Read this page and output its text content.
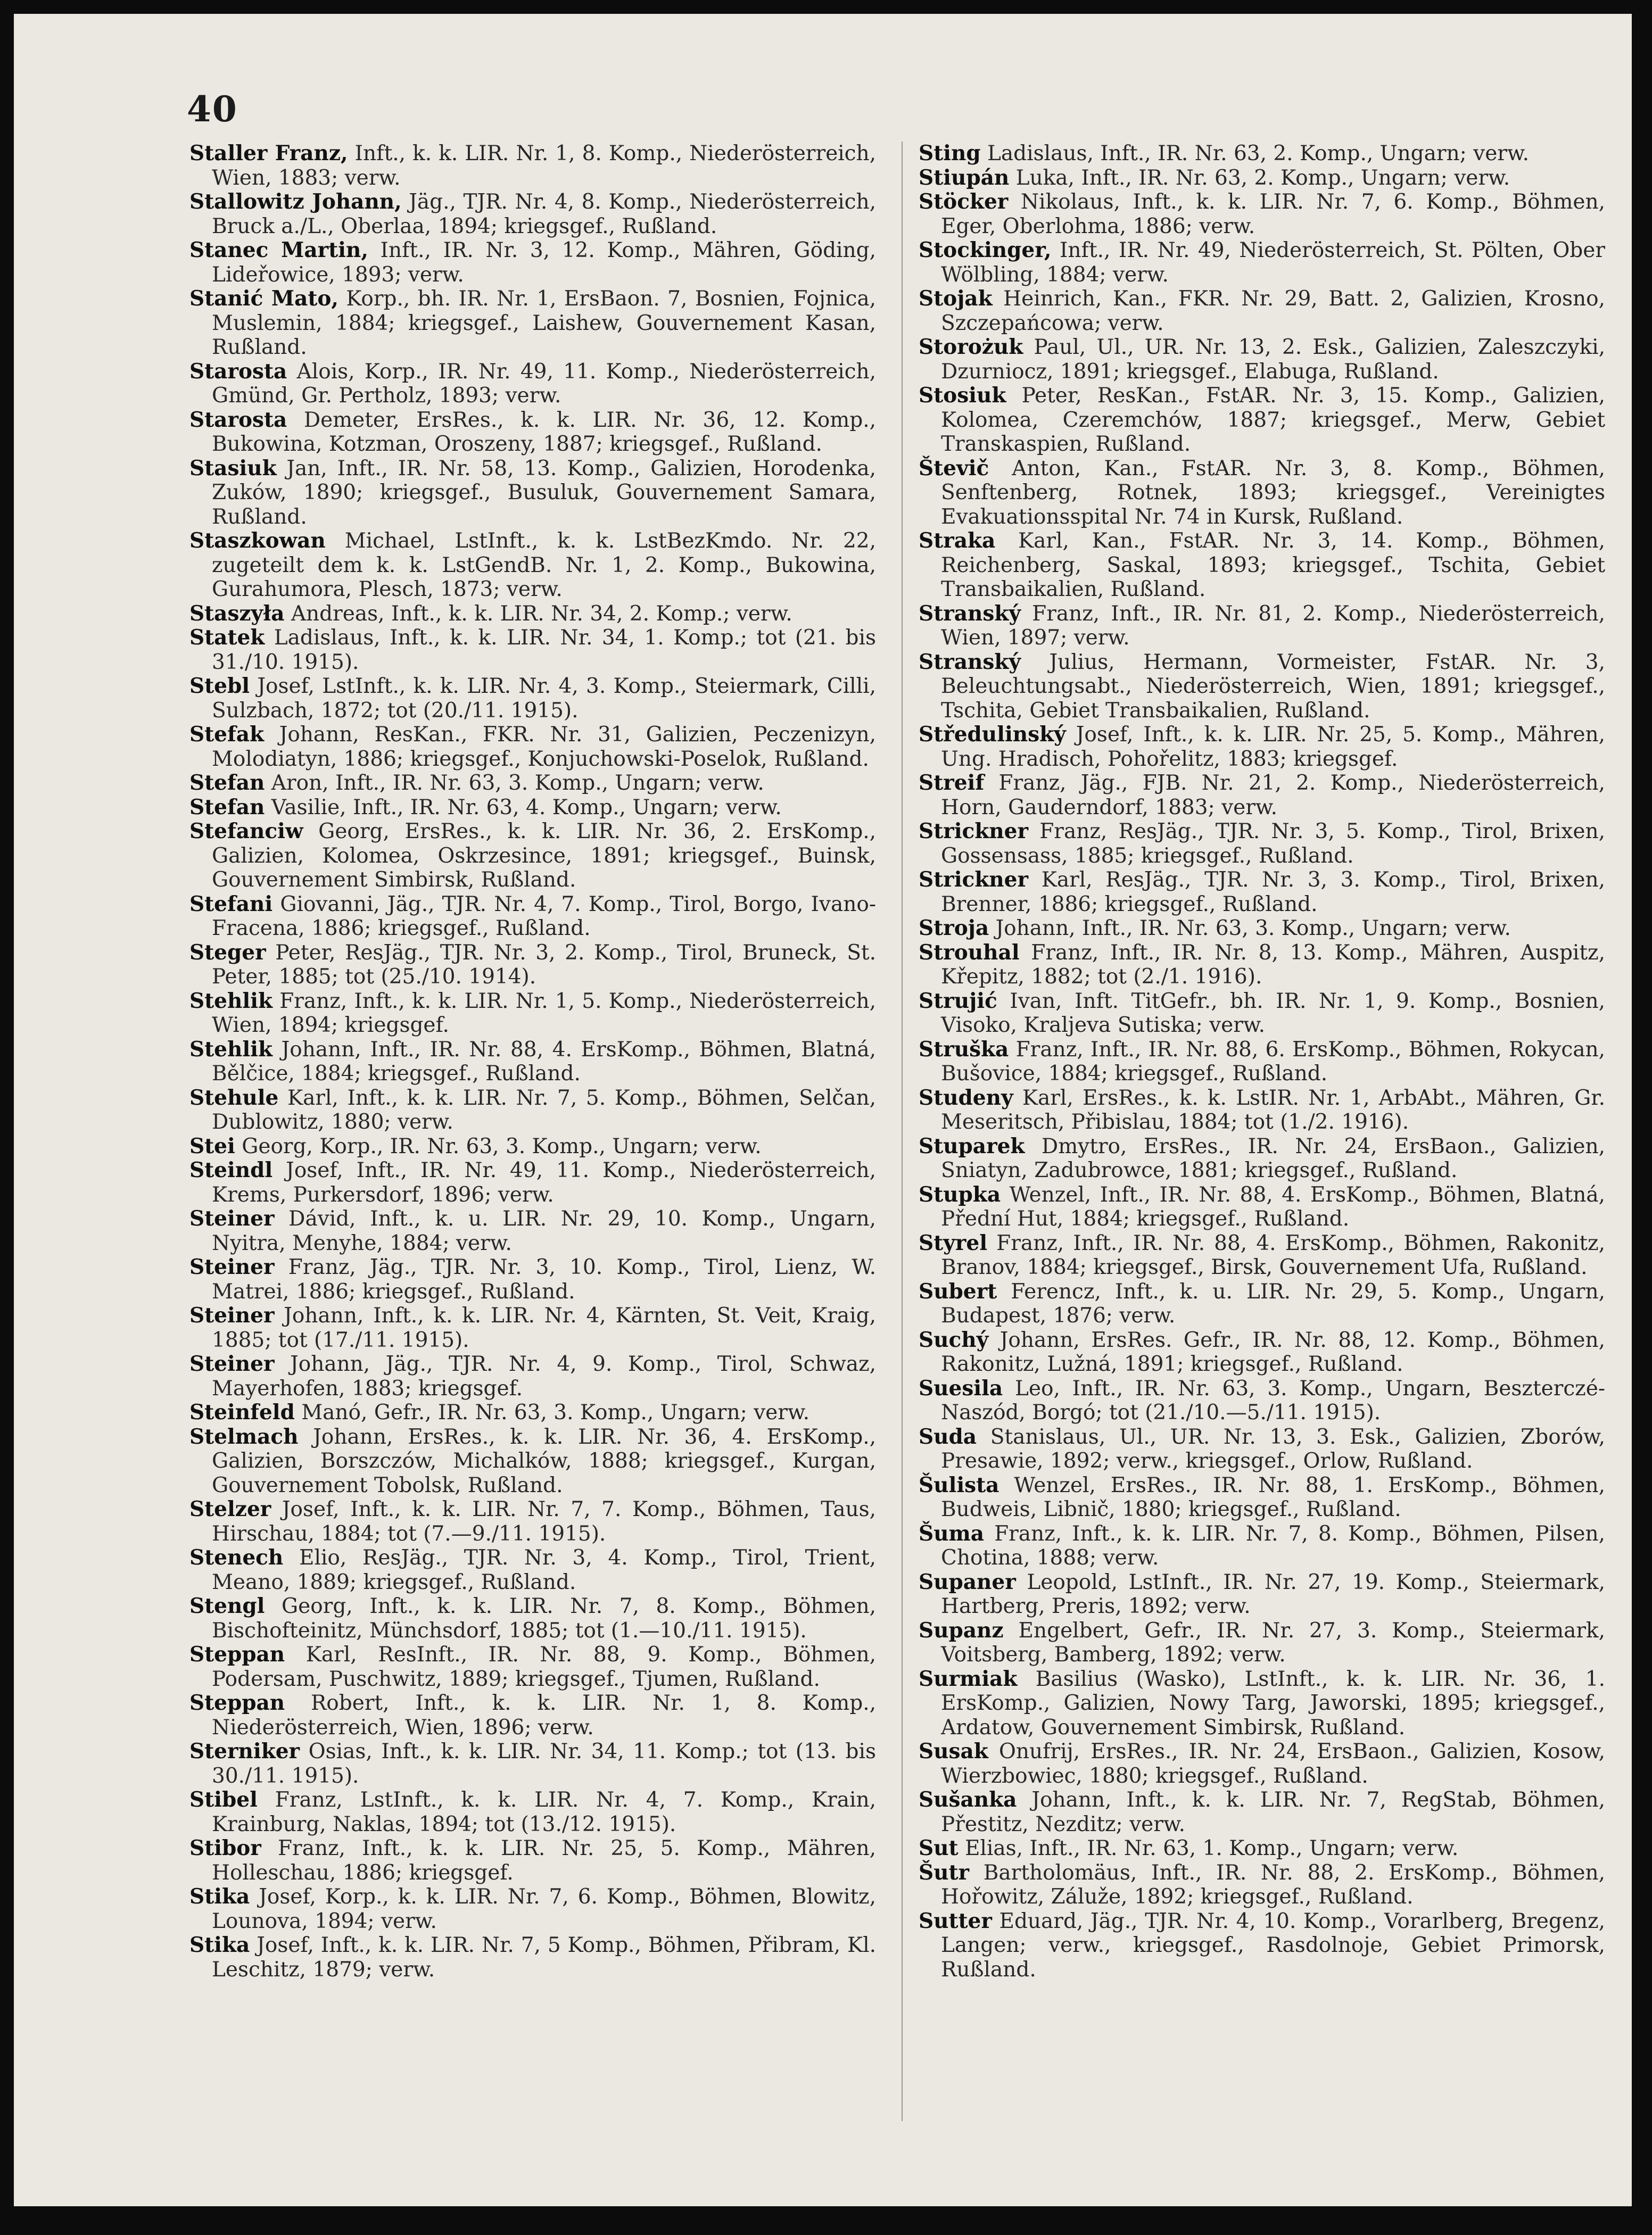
40

Staller Franz, Inft., k. k. LIR. Nr. 1, 8. Komp., Niederösterreich, Wien, 1883; verw.

Stallowitz Johann, Jäg., TJR. Nr. 4, 8. Komp., Niederösterreich, Bruck a./L., Oberlaa, 1894; kriegsgef., Rußland.

Stanec Martin, Inft., IR. Nr. 3, 12. Komp., Mähren, Göding, Lideřowice, 1893; verw.

Stanić Mato, Korp., bh. IR. Nr. 1, ErsBaon. 7, Bosnien, Fojnica, Muslemin, 1884; kriegsgef., Laishew, Gouvernement Kasan, Rußland.

Starosta Alois, Korp., IR. Nr. 49, 11. Komp., Niederösterreich, Gmünd, Gr. Pertholz, 1893; verw.

Starosta Demeter, ErsRes., k. k. LIR. Nr. 36, 12. Komp., Bukowina, Kotzman, Oroszeny, 1887; kriegsgef., Rußland.

Stasiuk Jan, Inft., IR. Nr. 58, 13. Komp., Galizien, Horodenka, Zuków, 1890; kriegsgef., Busuluk, Gouvernement Samara, Rußland.

Staszkowan Michael, LstInft., k. k. LstBezKmdo. Nr. 22, zugeteilt dem k. k. LstGendB. Nr. 1, 2. Komp., Bukowina, Gurahumora, Plesch, 1873; verw.

Staszyła Andreas, Inft., k. k. LIR. Nr. 34, 2. Komp.; verw.

Statek Ladislaus, Inft., k. k. LIR. Nr. 34, 1. Komp.; tot (21. bis 31./10. 1915).

Stebl Josef, LstInft., k. k. LIR. Nr. 4, 3. Komp., Steiermark, Cilli, Sulzbach, 1872; tot (20./11. 1915).

Stefak Johann, ResKan., FKR. Nr. 31, Galizien, Peczenizyn, Molodiatyn, 1886; kriegsgef., Konjuchowski-Poselok, Rußland.

Stefan Aron, Inft., IR. Nr. 63, 3. Komp., Ungarn; verw.

Stefan Vasilie, Inft., IR. Nr. 63, 4. Komp., Ungarn; verw.

Stefanciw Georg, ErsRes., k. k. LIR. Nr. 36, 2. ErsKomp., Galizien, Kolomea, Oskrzesince, 1891; kriegsgef., Buinsk, Gouvernement Simbirsk, Rußland.

Stefani Giovanni, Jäg., TJR. Nr. 4, 7. Komp., Tirol, Borgo, Ivano-Fracena, 1886; kriegsgef., Rußland.

Steger Peter, ResJäg., TJR. Nr. 3, 2. Komp., Tirol, Bruneck, St. Peter, 1885; tot (25./10. 1914).

Stehlik Franz, Inft., k. k. LIR. Nr. 1, 5. Komp., Niederösterreich, Wien, 1894; kriegsgef.

Stehlik Johann, Inft., IR. Nr. 88, 4. ErsKomp., Böhmen, Blatná, Bělčice, 1884; kriegsgef., Rußland.

Stehule Karl, Inft., k. k. LIR. Nr. 7, 5. Komp., Böhmen, Selčan, Dublowitz, 1880; verw.

Stei Georg, Korp., IR. Nr. 63, 3. Komp., Ungarn; verw.

Steindl Josef, Inft., IR. Nr. 49, 11. Komp., Niederösterreich, Krems, Purkersdorf, 1896; verw.

Steiner Dávid, Inft., k. u. LIR. Nr. 29, 10. Komp., Ungarn, Nyitra, Menyhe, 1884; verw.

Steiner Franz, Jäg., TJR. Nr. 3, 10. Komp., Tirol, Lienz, W. Matrei, 1886; kriegsgef., Rußland.

Steiner Johann, Inft., k. k. LIR. Nr. 4, Kärnten, St. Veit, Kraig, 1885; tot (17./11. 1915).

Steiner Johann, Jäg., TJR. Nr. 4, 9. Komp., Tirol, Schwaz, Mayerhofen, 1883; kriegsgef.

Steinfeld Manó, Gefr., IR. Nr. 63, 3. Komp., Ungarn; verw.

Stelmach Johann, ErsRes., k. k. LIR. Nr. 36, 4. ErsKomp., Galizien, Borszczów, Michalków, 1888; kriegsgef., Kurgan, Gouvernement Tobolsk, Rußland.

Stelzer Josef, Inft., k. k. LIR. Nr. 7, 7. Komp., Böhmen, Taus, Hirschau, 1884; tot (7.—9./11. 1915).

Stenech Elio, ResJäg., TJR. Nr. 3, 4. Komp., Tirol, Trient, Meano, 1889; kriegsgef., Rußland.

Stengl Georg, Inft., k. k. LIR. Nr. 7, 8. Komp., Böhmen, Bischofteinitz, Münchsdorf, 1885; tot (1.—10./11. 1915).

Steppan Karl, ResInft., IR. Nr. 88, 9. Komp., Böhmen, Podersam, Puschwitz, 1889; kriegsgef., Tjumen, Rußland.

Steppan Robert, Inft., k. k. LIR. Nr. 1, 8. Komp., Niederösterreich, Wien, 1896; verw.

Sterniker Osias, Inft., k. k. LIR. Nr. 34, 11. Komp.; tot (13. bis 30./11. 1915).

Stibel Franz, LstInft., k. k. LIR. Nr. 4, 7. Komp., Krain, Krainburg, Naklas, 1894; tot (13./12. 1915).

Stibor Franz, Inft., k. k. LIR. Nr. 25, 5. Komp., Mähren, Holleschau, 1886; kriegsgef.

Stika Josef, Korp., k. k. LIR. Nr. 7, 6. Komp., Böhmen, Blowitz, Lounova, 1894; verw.

Stika Josef, Inft., k. k. LIR. Nr. 7, 5 Komp., Böhmen, Přibram, Kl. Leschitz, 1879; verw.

Sting Ladislaus, Inft., IR. Nr. 63, 2. Komp., Ungarn; verw.

Stiupán Luka, Inft., IR. Nr. 63, 2. Komp., Ungarn; verw.

Stöcker Nikolaus, Inft., k. k. LIR. Nr. 7, 6. Komp., Böhmen, Eger, Oberlohma, 1886; verw.

Stockinger, Inft., IR. Nr. 49, Niederösterreich, St. Pölten, Ober Wölbling, 1884; verw.

Stojak Heinrich, Kan., FKR. Nr. 29, Batt. 2, Galizien, Krosno, Szczepańcowa; verw.

Storożuk Paul, Ul., UR. Nr. 13, 2. Esk., Galizien, Zaleszczyki, Dzurniocz, 1891; kriegsgef., Elabuga, Rußland.

Stosiuk Peter, ResKan., FstAR. Nr. 3, 15. Komp., Galizien, Kolomea, Czeremchów, 1887; kriegsgef., Merw, Gebiet Transkaspien, Rußland.

Števič Anton, Kan., FstAR. Nr. 3, 8. Komp., Böhmen, Senftenberg, Rotnek, 1893; kriegsgef., Vereinigtes Evakuationsspital Nr. 74 in Kursk, Rußland.

Straka Karl, Kan., FstAR. Nr. 3, 14. Komp., Böhmen, Reichenberg, Saskal, 1893; kriegsgef., Tschita, Gebiet Transbaikalien, Rußland.

Stranský Franz, Inft., IR. Nr. 81, 2. Komp., Niederösterreich, Wien, 1897; verw.

Stranský Julius, Hermann, Vormeister, FstAR. Nr. 3, Beleuchtungsabt., Niederösterreich, Wien, 1891; kriegsgef., Tschita, Gebiet Transbaikalien, Rußland.

Středulinský Josef, Inft., k. k. LIR. Nr. 25, 5. Komp., Mähren, Ung. Hradisch, Pohořelitz, 1883; kriegsgef.

Streif Franz, Jäg., FJB. Nr. 21, 2. Komp., Niederösterreich, Horn, Gauderndorf, 1883; verw.

Strickner Franz, ResJäg., TJR. Nr. 3, 5. Komp., Tirol, Brixen, Gossensass, 1885; kriegsgef., Rußland.

Strickner Karl, ResJäg., TJR. Nr. 3, 3. Komp., Tirol, Brixen, Brenner, 1886; kriegsgef., Rußland.

Stroja Johann, Inft., IR. Nr. 63, 3. Komp., Ungarn; verw.

Strouhal Franz, Inft., IR. Nr. 8, 13. Komp., Mähren, Auspitz, Křepitz, 1882; tot (2./1. 1916).

Strujić Ivan, Inft. TitGefr., bh. IR. Nr. 1, 9. Komp., Bosnien, Visoko, Kraljeva Sutiska; verw.

Struška Franz, Inft., IR. Nr. 88, 6. ErsKomp., Böhmen, Rokycan, Bušovice, 1884; kriegsgef., Rußland.

Studeny Karl, ErsRes., k. k. LstIR. Nr. 1, ArbAbt., Mähren, Gr. Meseritsch, Přibislau, 1884; tot (1./2. 1916).

Stuparek Dmytro, ErsRes., IR. Nr. 24, ErsBaon., Galizien, Sniatyn, Zadubrowce, 1881; kriegsgef., Rußland.

Stupka Wenzel, Inft., IR. Nr. 88, 4. ErsKomp., Böhmen, Blatná, Přední Hut, 1884; kriegsgef., Rußland.

Styrel Franz, Inft., IR. Nr. 88, 4. ErsKomp., Böhmen, Rakonitz, Branov, 1884; kriegsgef., Birsk, Gouvernement Ufa, Rußland.

Subert Ferencz, Inft., k. u. LIR. Nr. 29, 5. Komp., Ungarn, Budapest, 1876; verw.

Suchý Johann, ErsRes. Gefr., IR. Nr. 88, 12. Komp., Böhmen, Rakonitz, Lužná, 1891; kriegsgef., Rußland.

Suesila Leo, Inft., IR. Nr. 63, 3. Komp., Ungarn, Beszterczé-Naszód, Borgó; tot (21./10.—5./11. 1915).

Suda Stanislaus, Ul., UR. Nr. 13, 3. Esk., Galizien, Zborów, Presawie, 1892; verw., kriegsgef., Orlow, Rußland.

Šulista Wenzel, ErsRes., IR. Nr. 88, 1. ErsKomp., Böhmen, Budweis, Libnič, 1880; kriegsgef., Rußland.

Šuma Franz, Inft., k. k. LIR. Nr. 7, 8. Komp., Böhmen, Pilsen, Chotina, 1888; verw.

Supaner Leopold, LstInft., IR. Nr. 27, 19. Komp., Steiermark, Hartberg, Preris, 1892; verw.

Supanz Engelbert, Gefr., IR. Nr. 27, 3. Komp., Steiermark, Voitsberg, Bamberg, 1892; verw.

Surmiak Basilius (Wasko), LstInft., k. k. LIR. Nr. 36, 1. ErsKomp., Galizien, Nowy Targ, Jaworski, 1895; kriegsgef., Ardatow, Gouvernement Simbirsk, Rußland.

Susak Onufrij, ErsRes., IR. Nr. 24, ErsBaon., Galizien, Kosow, Wierzbowiec, 1880; kriegsgef., Rußland.

Sušanka Johann, Inft., k. k. LIR. Nr. 7, RegStab, Böhmen, Přestitz, Nezditz; verw.

Sut Elias, Inft., IR. Nr. 63, 1. Komp., Ungarn; verw.

Šutr Bartholomäus, Inft., IR. Nr. 88, 2. ErsKomp., Böhmen, Hořowitz, Záluže, 1892; kriegsgef., Rußland.

Sutter Eduard, Jäg., TJR. Nr. 4, 10. Komp., Vorarlberg, Bregenz, Langen; verw., kriegsgef., Rasdolnoje, Gebiet Primorsk, Rußland.
